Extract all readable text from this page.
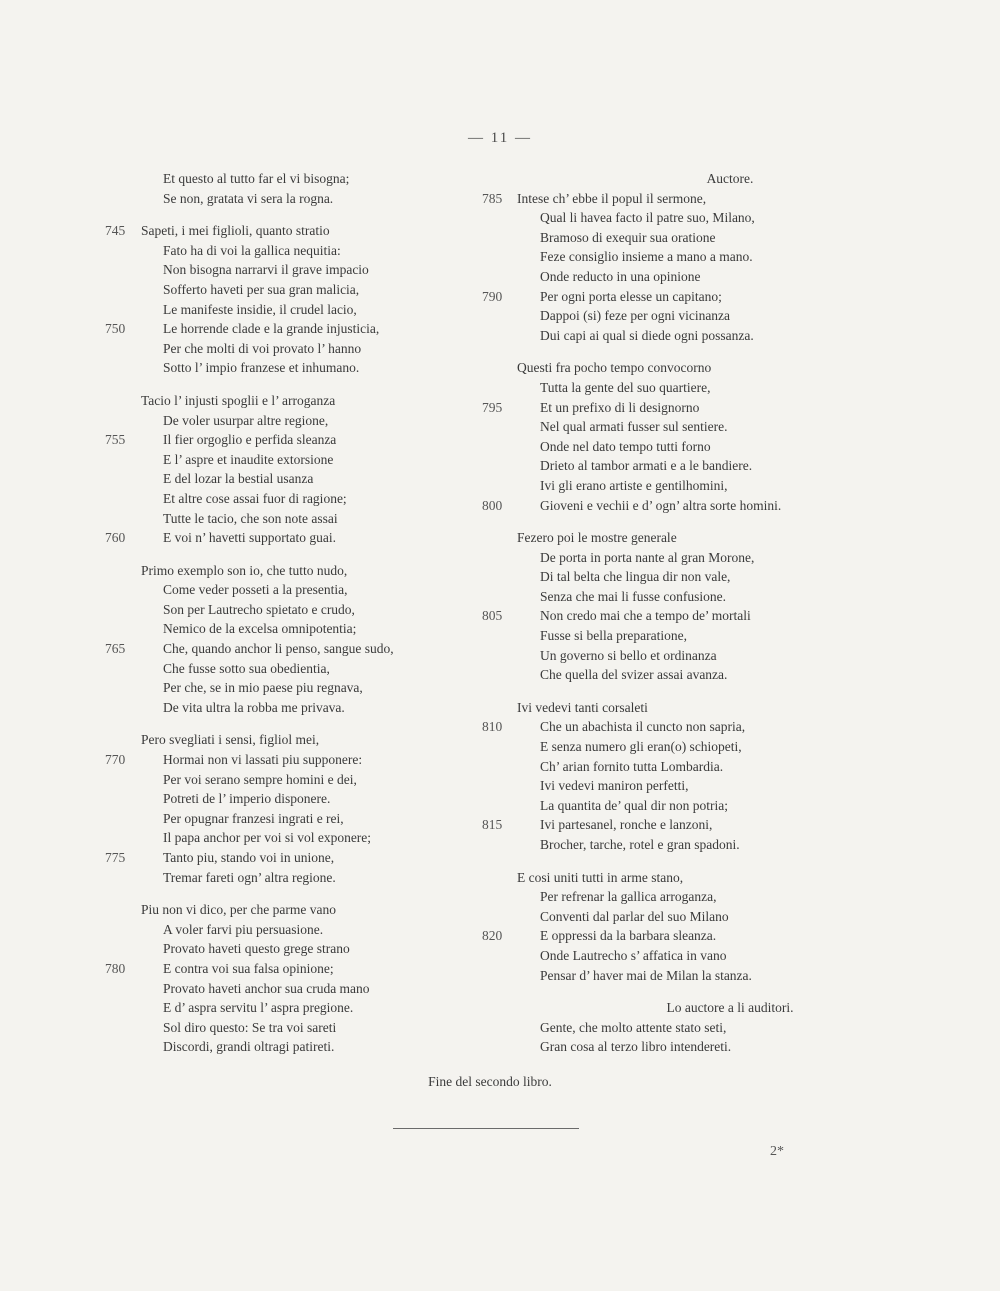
— 11 —
Et questo al tutto far el vi bisogna;
Se non, gratata vi sera la rogna.
745	Sapeti, i mei figlioli, quanto stratio
Fato ha di voi la gallica nequitia:
Non bisogna narrarvi il grave impacio
Sofferto haveti per sua gran malicia,
Le manifeste insidie, il crudel lacio,
750	Le horrende clade e la grande injusticia,
Per che molti di voi provato l’ hanno
Sotto l’ impio franzese et inhumano.
Tacio l’ injusti spoglii e l’ arroganza
De voler usurpar altre regione,
755	Il fier orgoglio e perfida sleanza
E l’ aspre et inaudite extorsione
E del lozar la bestial usanza
Et altre cose assai fuor di ragione;
Tutte le tacio, che son note assai
760	E voi n’ havetti supportato guai.
Primo exemplo son io, che tutto nudo,
Come veder posseti a la presentia,
Son per Lautrecho spietato e crudo,
Nemico de la excelsa omnipotentia;
765	Che, quando anchor li penso, sangue sudo,
Che fusse sotto sua obedientia,
Per che, se in mio paese piu regnava,
De vita ultra la robba me privava.
Pero svegliati i sensi, figliol mei,
770	Hormai non vi lassati piu supponere:
Per voi serano sempre homini e dei,
Potreti de l’ imperio disponere.
Per opugnar franzesi ingrati e rei,
Il papa anchor per voi si vol exponere;
775	Tanto piu, stando voi in unione,
Tremar fareti ogn’ altra regione.
Piu non vi dico, per che parme vano
A voler farvi piu persuasione.
Provato haveti questo grege strano
780	E contra voi sua falsa opinione;
Provato haveti anchor sua cruda mano
E d’ aspra servitu l’ aspra pregione.
Sol diro questo: Se tra voi sareti
Discordi, grandi oltragi patireti.
Auctore.
785	Intese ch’ ebbe il popul il sermone,
Qual li havea facto il patre suo, Milano,
Bramoso di exequir sua oratione
Feze consiglio insieme a mano a mano.
Onde reducto in una opinione
790	Per ogni porta elesse un capitano;
Dappoi (si) feze per ogni vicinanza
Dui capi ai qual si diede ogni possanza.
Questi fra pocho tempo convocorno
Tutta la gente del suo quartiere,
795	Et un prefixo di li designorno
Nel qual armati fusser sul sentiere.
Onde nel dato tempo tutti forno
Drieto al tambor armati e a le bandiere.
Ivi gli erano artiste e gentilhomini,
800	Gioveni e vechii e d’ ogn’ altra sorte homini.
Fezero poi le mostre generale
De porta in porta nante al gran Morone,
Di tal belta che lingua dir non vale,
Senza che mai li fusse confusione.
805	Non credo mai che a tempo de’ mortali
Fusse si bella preparatione,
Un governo si bello et ordinanza
Che quella del svizer assai avanza.
Ivi vedevi tanti corsaleti
810	Che un abachista il cuncto non sapria,
E senza numero gli eran(o) schiopeti,
Ch’ arian fornito tutta Lombardia.
Ivi vedevi maniron perfetti,
La quantita de’ qual dir non potria;
815	Ivi partesanel, ronche e lanzoni,
Brocher, tarche, rotel e gran spadoni.
E cosi uniti tutti in arme stano,
Per refrenar la gallica arroganza,
Conventi dal parlar del suo Milano
820	E oppressi da la barbara sleanza.
Onde Lautrecho s’ affatica in vano
Pensar d’ haver mai de Milan la stanza.
Lo auctore a li auditori.
Gente, che molto attente stato seti,
Gran cosa al terzo libro intendereti.
Fine del secondo libro.
2*
